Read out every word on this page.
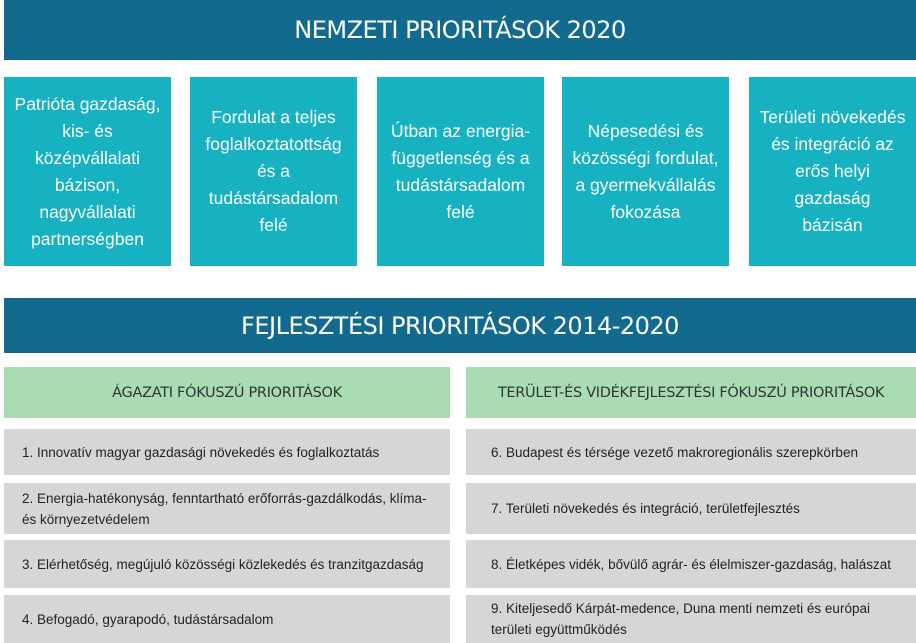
NEMZETI PRIORITÁSOK 2020
Patrióta gazdaság,
kis- és középvállalati
bázison,
nagyvállalati
partnerségben
Fordulat a teljes
foglalkoztatottság
és a
tudástársadalom
felé
Útban az energia-
függetlenség és a
tudástársadalom
felé
Népesedési és
közösségi fordulat,
a gyermekvállalás
fokozása
Területi növekedés
és integráció az
erős helyi gazdaság
bázisán
FEJLESZTÉSI PRIORITÁSOK 2014-2020
ÁGAZATI FÓKUSZÚ PRIORITÁSOK	TERÜLET-ÉS VIDÉKFEJLESZTÉSI FÓKUSZÚ PRIORITÁSOK
1. Innovatív magyar gazdasági növekedés és foglalkoztatás
2. Energia-hatékonyság, fenntartható erőforrás-gazdálkodás, klíma- és környezetvédelem
3. Elérhetőség, megújuló közösségi közlekedés és tranzitgazdaság
4. Befogadó, gyarapodó, tudástársadalom
6. Budapest és térsége vezető makroregionális szerepkörben
7. Területi növekedés és integráció, területfejlesztés
8. Életképes vidék, bővülő agrár- és élelmiszer-gazdaság, halászat
9. Kiteljesedő Kárpát-medence, Duna menti nemzeti és európai területi együttműködés
